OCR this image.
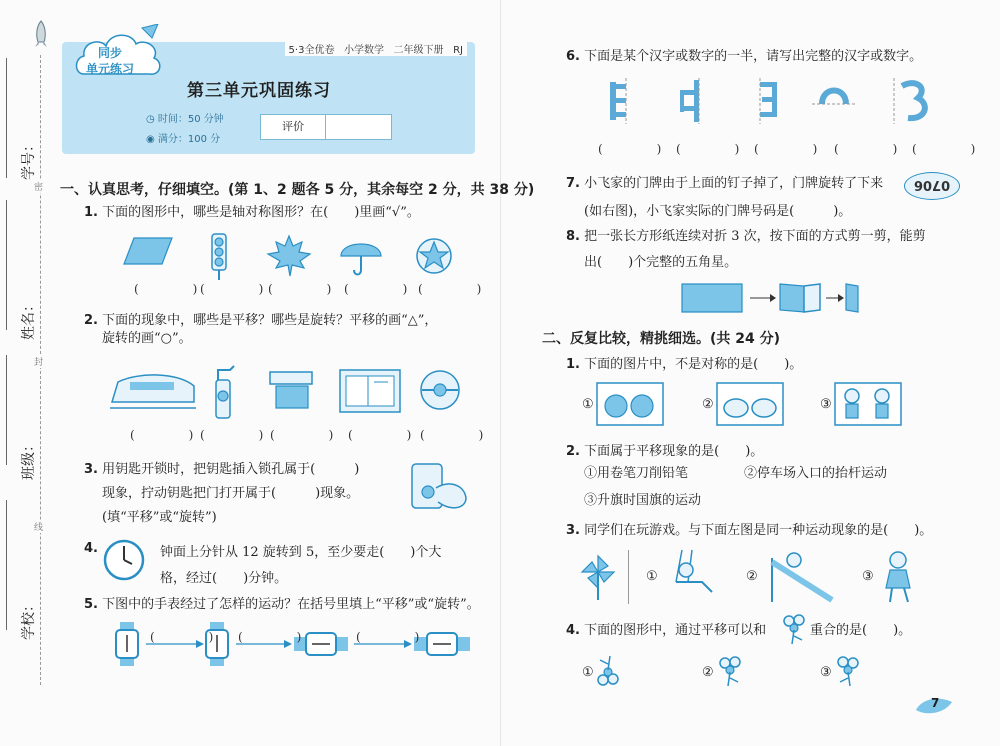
学号：
密
姓名：
封
班级：
线
学校：
5·3全优卷 小学数学 二年级下册 RJ
同步
单元练习
第三单元巩固练习
◷ 时间：50 分钟
◉ 满分：100 分
评价
一、认真思考，仔细填空。(第 1、2 题各 5 分，其余每空 2 分，共 38 分)
1. 下面的图形中，哪些是轴对称图形？在(　　)里画“√”。
(　　)
(　　)
(　　) (　　) (　　)
2. 下面的现象中，哪些是平移？哪些是旋转？平移的画“△”，
旋转的画“○”。
(　　)
(　　)
(　　) (　　)
(　　)
3. 用钥匙开锁时，把钥匙插入锁孔属于(　　　)
现象，拧动钥匙把门打开属于(　　　)现象。
(填“平移”或“旋转”)
4.	钟面上分针从 12 旋转到 5，至少要走(　　)个大
格，经过(　　)分钟。
5. 下图中的手表经过了怎样的运动？在括号里填上“平移”或“旋转”。
(　　) (　　)	(　　)
6. 下面是某个汉字或数字的一半，请写出完整的汉字或数字。
(　　) (　　) (　　) (　　) (　　)
7. 小飞家的门牌由于上面的钉子掉了，门牌旋转了下来
(如右图)，小飞家实际的门牌号码是(　　　)。
0706
8. 把一张长方形纸连续对折 3 次，按下面的方式剪一剪，能剪
出(　　)个完整的五角星。
二、反复比较，精挑细选。(共 24 分)
1. 下面的图片中，不是对称的是(　　)。
①	②	③
2. 下面属于平移现象的是(　　)。
①用卷笔刀削铅笔	②停车场入口的抬杆运动
③升旗时国旗的运动
3. 同学们在玩游戏。与下面左图是同一种运动现象的是(　　)。
①	②	③
4. 下面的图形中，通过平移可以和	重合的是(　　)。
①	②	③
7
